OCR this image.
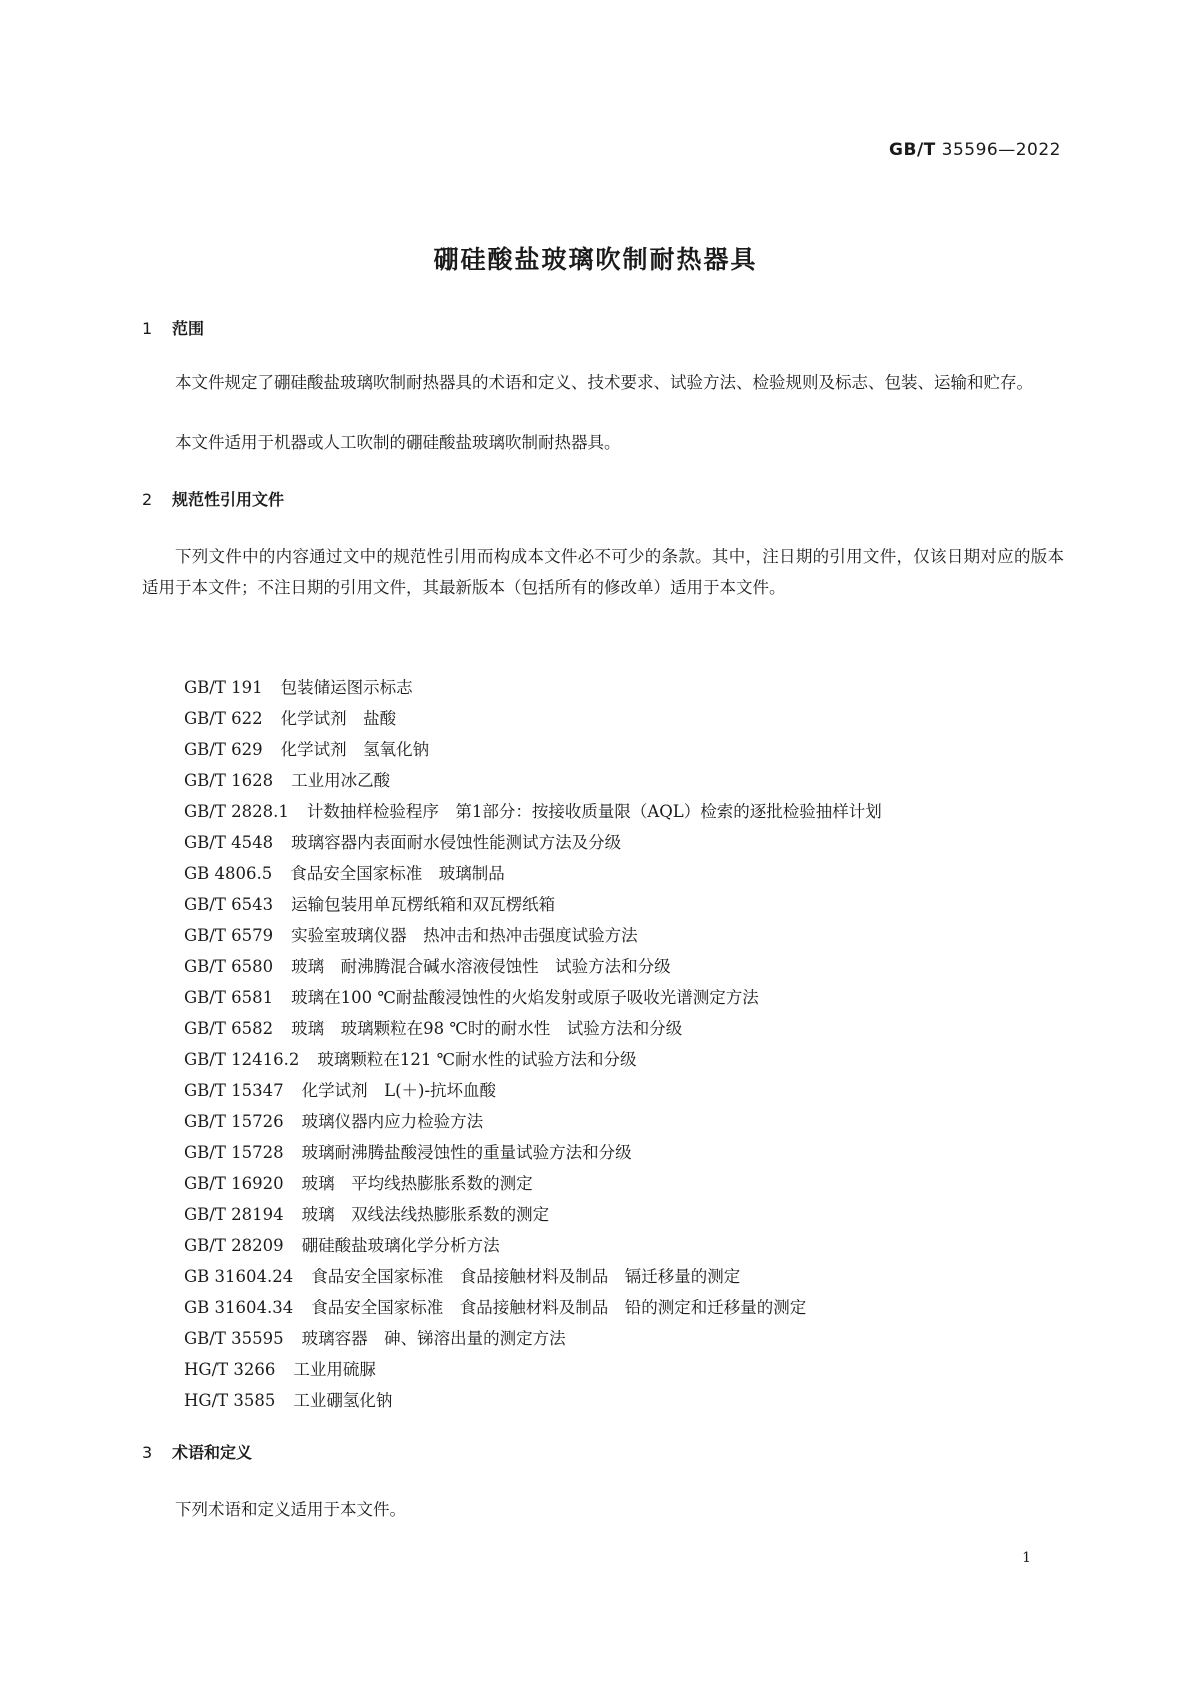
GB/T 35596—2022
硼硅酸盐玻璃吹制耐热器具
1 范围

本文件规定了硼硅酸盐玻璃吹制耐热器具的术语和定义、技术要求、试验方法、检验规则及标志、包装、运输和贮存。

本文件适用于机器或人工吹制的硼硅酸盐玻璃吹制耐热器具。

2 规范性引用文件

下列文件中的内容通过文中的规范性引用而构成本文件必不可少的条款。其中，注日期的引用文件，仅该日期对应的版本适用于本文件；不注日期的引用文件，其最新版本（包括所有的修改单）适用于本文件。

GB/T 191 包装储运图示标志
GB/T 622 化学试剂　盐酸
GB/T 629 化学试剂　氢氧化钠
GB/T 1628 工业用冰乙酸
GB/T 2828.1 计数抽样检验程序　第1部分：按接收质量限（AQL）检索的逐批检验抽样计划
GB/T 4548 玻璃容器内表面耐水侵蚀性能测试方法及分级
GB 4806.5 食品安全国家标准　玻璃制品
GB/T 6543 运输包装用单瓦楞纸箱和双瓦楞纸箱
GB/T 6579 实验室玻璃仪器　热冲击和热冲击强度试验方法
GB/T 6580 玻璃　耐沸腾混合碱水溶液侵蚀性　试验方法和分级
GB/T 6581 玻璃在100 ℃耐盐酸浸蚀性的火焰发射或原子吸收光谱测定方法
GB/T 6582 玻璃　玻璃颗粒在98 ℃时的耐水性　试验方法和分级
GB/T 12416.2 玻璃颗粒在121 ℃耐水性的试验方法和分级
GB/T 15347 化学试剂　L(＋)-抗坏血酸
GB/T 15726 玻璃仪器内应力检验方法
GB/T 15728 玻璃耐沸腾盐酸浸蚀性的重量试验方法和分级
GB/T 16920 玻璃　平均线热膨胀系数的测定
GB/T 28194 玻璃　双线法线热膨胀系数的测定
GB/T 28209 硼硅酸盐玻璃化学分析方法
GB 31604.24 食品安全国家标准　食品接触材料及制品　镉迁移量的测定
GB 31604.34 食品安全国家标准　食品接触材料及制品　铅的测定和迁移量的测定
GB/T 35595 玻璃容器　砷、锑溶出量的测定方法
HG/T 3266 工业用硫脲
HG/T 3585 工业硼氢化钠
3 术语和定义

下列术语和定义适用于本文件。

1
